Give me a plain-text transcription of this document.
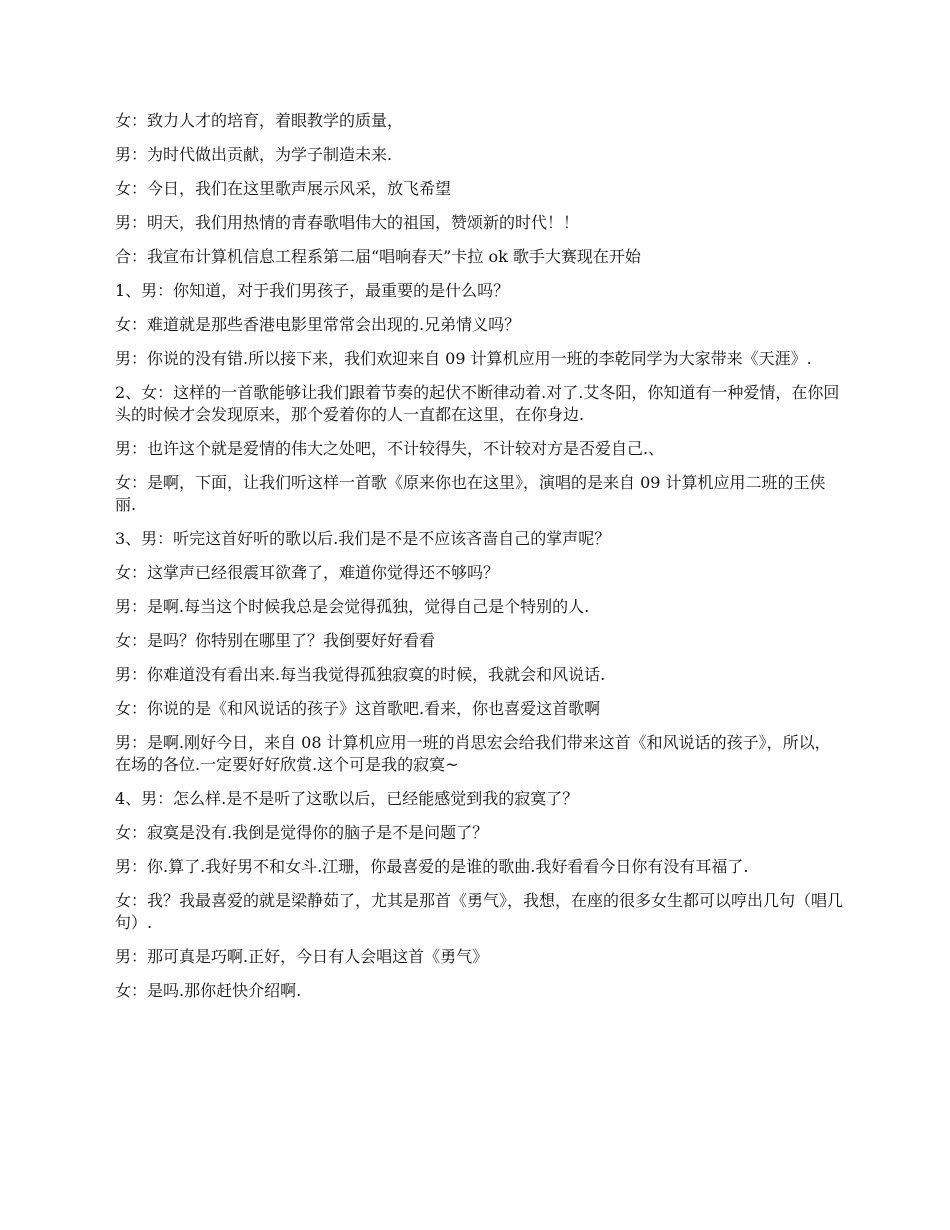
女：致力人才的培育，着眼教学的质量，

男：为时代做出贡献，为学子制造未来.

女：今日，我们在这里歌声展示风采，放飞希望

男：明天，我们用热情的青春歌唱伟大的祖国，赞颂新的时代！！

合：我宣布计算机信息工程系第二届“唱响春天”卡拉 ok 歌手大赛现在开始

1、男：你知道，对于我们男孩子，最重要的是什么吗？

女：难道就是那些香港电影里常常会出现的.兄弟情义吗？

男：你说的没有错.所以接下来，我们欢迎来自 09 计算机应用一班的李乾同学为大家带来《天涯》.

2、女：这样的一首歌能够让我们跟着节奏的起伏不断律动着.对了.艾冬阳，你知道有一种爱情，在你回头的时候才会发现原来，那个爱着你的人一直都在这里，在你身边.

男：也许这个就是爱情的伟大之处吧，不计较得失，不计较对方是否爱自己.、

女：是啊，下面，让我们听这样一首歌《原来你也在这里》，演唱的是来自 09 计算机应用二班的王侠丽.

3、男：听完这首好听的歌以后.我们是不是不应该吝啬自己的掌声呢？

女：这掌声已经很震耳欲聋了，难道你觉得还不够吗？

男：是啊.每当这个时候我总是会觉得孤独，觉得自己是个特别的人.

女：是吗？你特别在哪里了？我倒要好好看看

男：你难道没有看出来.每当我觉得孤独寂寞的时候，我就会和风说话.

女：你说的是《和风说话的孩子》这首歌吧.看来，你也喜爱这首歌啊

男：是啊.刚好今日，来自 08 计算机应用一班的肖思宏会给我们带来这首《和风说话的孩子》，所以，在场的各位.一定要好好欣赏.这个可是我的寂寞~

4、男：怎么样.是不是听了这歌以后，已经能感觉到我的寂寞了？

女：寂寞是没有.我倒是觉得你的脑子是不是问题了？

男：你.算了.我好男不和女斗.江珊，你最喜爱的是谁的歌曲.我好看看今日你有没有耳福了.

女：我？我最喜爱的就是梁静茹了，尤其是那首《勇气》，我想，在座的很多女生都可以哼出几句（唱几句）.

男：那可真是巧啊.正好，今日有人会唱这首《勇气》

女：是吗.那你赶快介绍啊.
